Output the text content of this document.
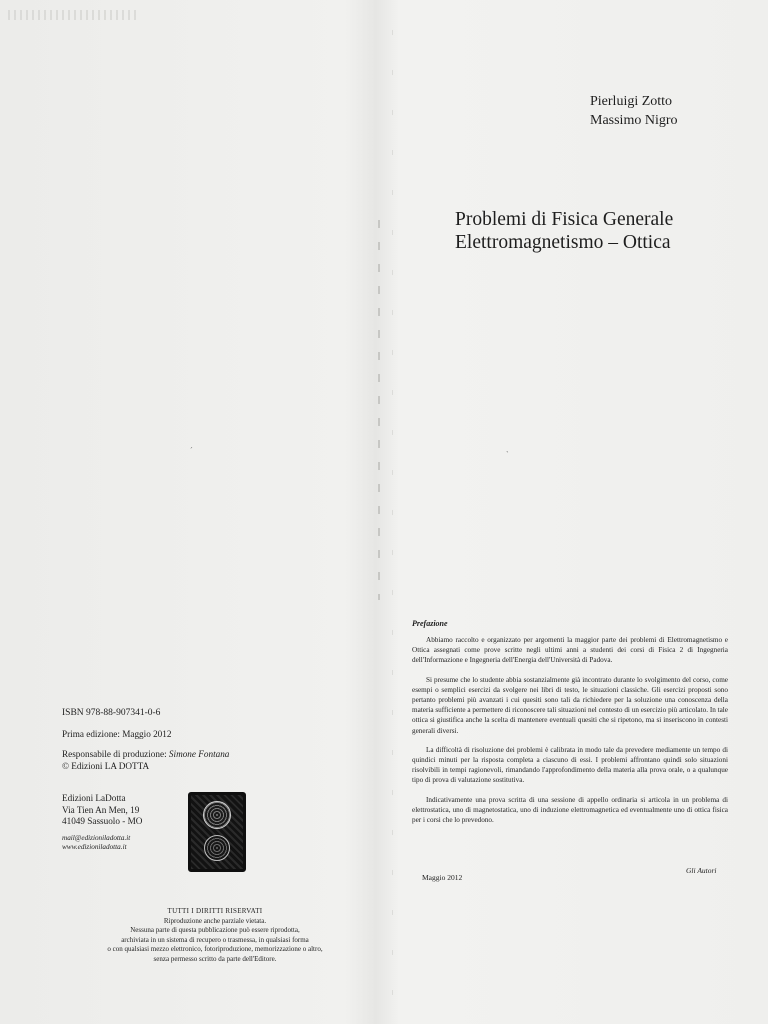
Pierluigi Zotto
Massimo Nigro
Problemi di Fisica Generale
Elettromagnetismo – Ottica
ISBN 978-88-907341-0-6
Prima edizione: Maggio 2012
Responsabile di produzione: Simone Fontana
© Edizioni LA DOTTA
Edizioni LaDotta
Via Tien An Men, 19
41049 Sassuolo - MO
mail@edizioniladotta.it
www.edizioniladotta.it
TUTTI I DIRITTI RISERVATI
Riproduzione anche parziale vietata.
Nessuna parte di questa pubblicazione può essere riprodotta,
archiviata in un sistema di recupero o trasmessa, in qualsiasi forma
o con qualsiasi mezzo elettronico, fotoriproduzione, memorizzazione o altro,
senza permesso scritto da parte dell'Editore.
Prefazione

Abbiamo raccolto e organizzato per argomenti la maggior parte dei problemi di Elettromagnetismo e Ottica assegnati come prove scritte negli ultimi anni a studenti dei corsi di Fisica 2 di Ingegneria dell'Informazione e Ingegneria dell'Energia dell'Università di Padova.

Si presume che lo studente abbia sostanzialmente già incontrato durante lo svolgimento del corso, come esempi o semplici esercizi da svolgere nei libri di testo, le situazioni classiche. Gli esercizi proposti sono pertanto problemi più avanzati i cui quesiti sono tali da richiedere per la soluzione una conoscenza della materia sufficiente a permettere di riconoscere tali situazioni nel contesto di un esercizio più articolato. In tale ottica si giustifica anche la scelta di mantenere eventuali quesiti che si ripetono, ma si inseriscono in contesti generali diversi.

La difficoltà di risoluzione dei problemi è calibrata in modo tale da prevedere mediamente un tempo di quindici minuti per la risposta completa a ciascuno di essi. I problemi affrontano quindi solo situazioni risolvibili in tempi ragionevoli, rimandando l'approfondimento della materia alla prova orale, o a qualunque tipo di prova di valutazione sostitutiva.

Indicativamente una prova scritta di una sessione di appello ordinaria si articola in un problema di elettrostatica, uno di magnetostatica, uno di induzione elettromagnetica ed eventualmente uno di ottica fisica per i corsi che lo prevedono.

Maggio 2012
Gli Autori
ˊ	ˋ
